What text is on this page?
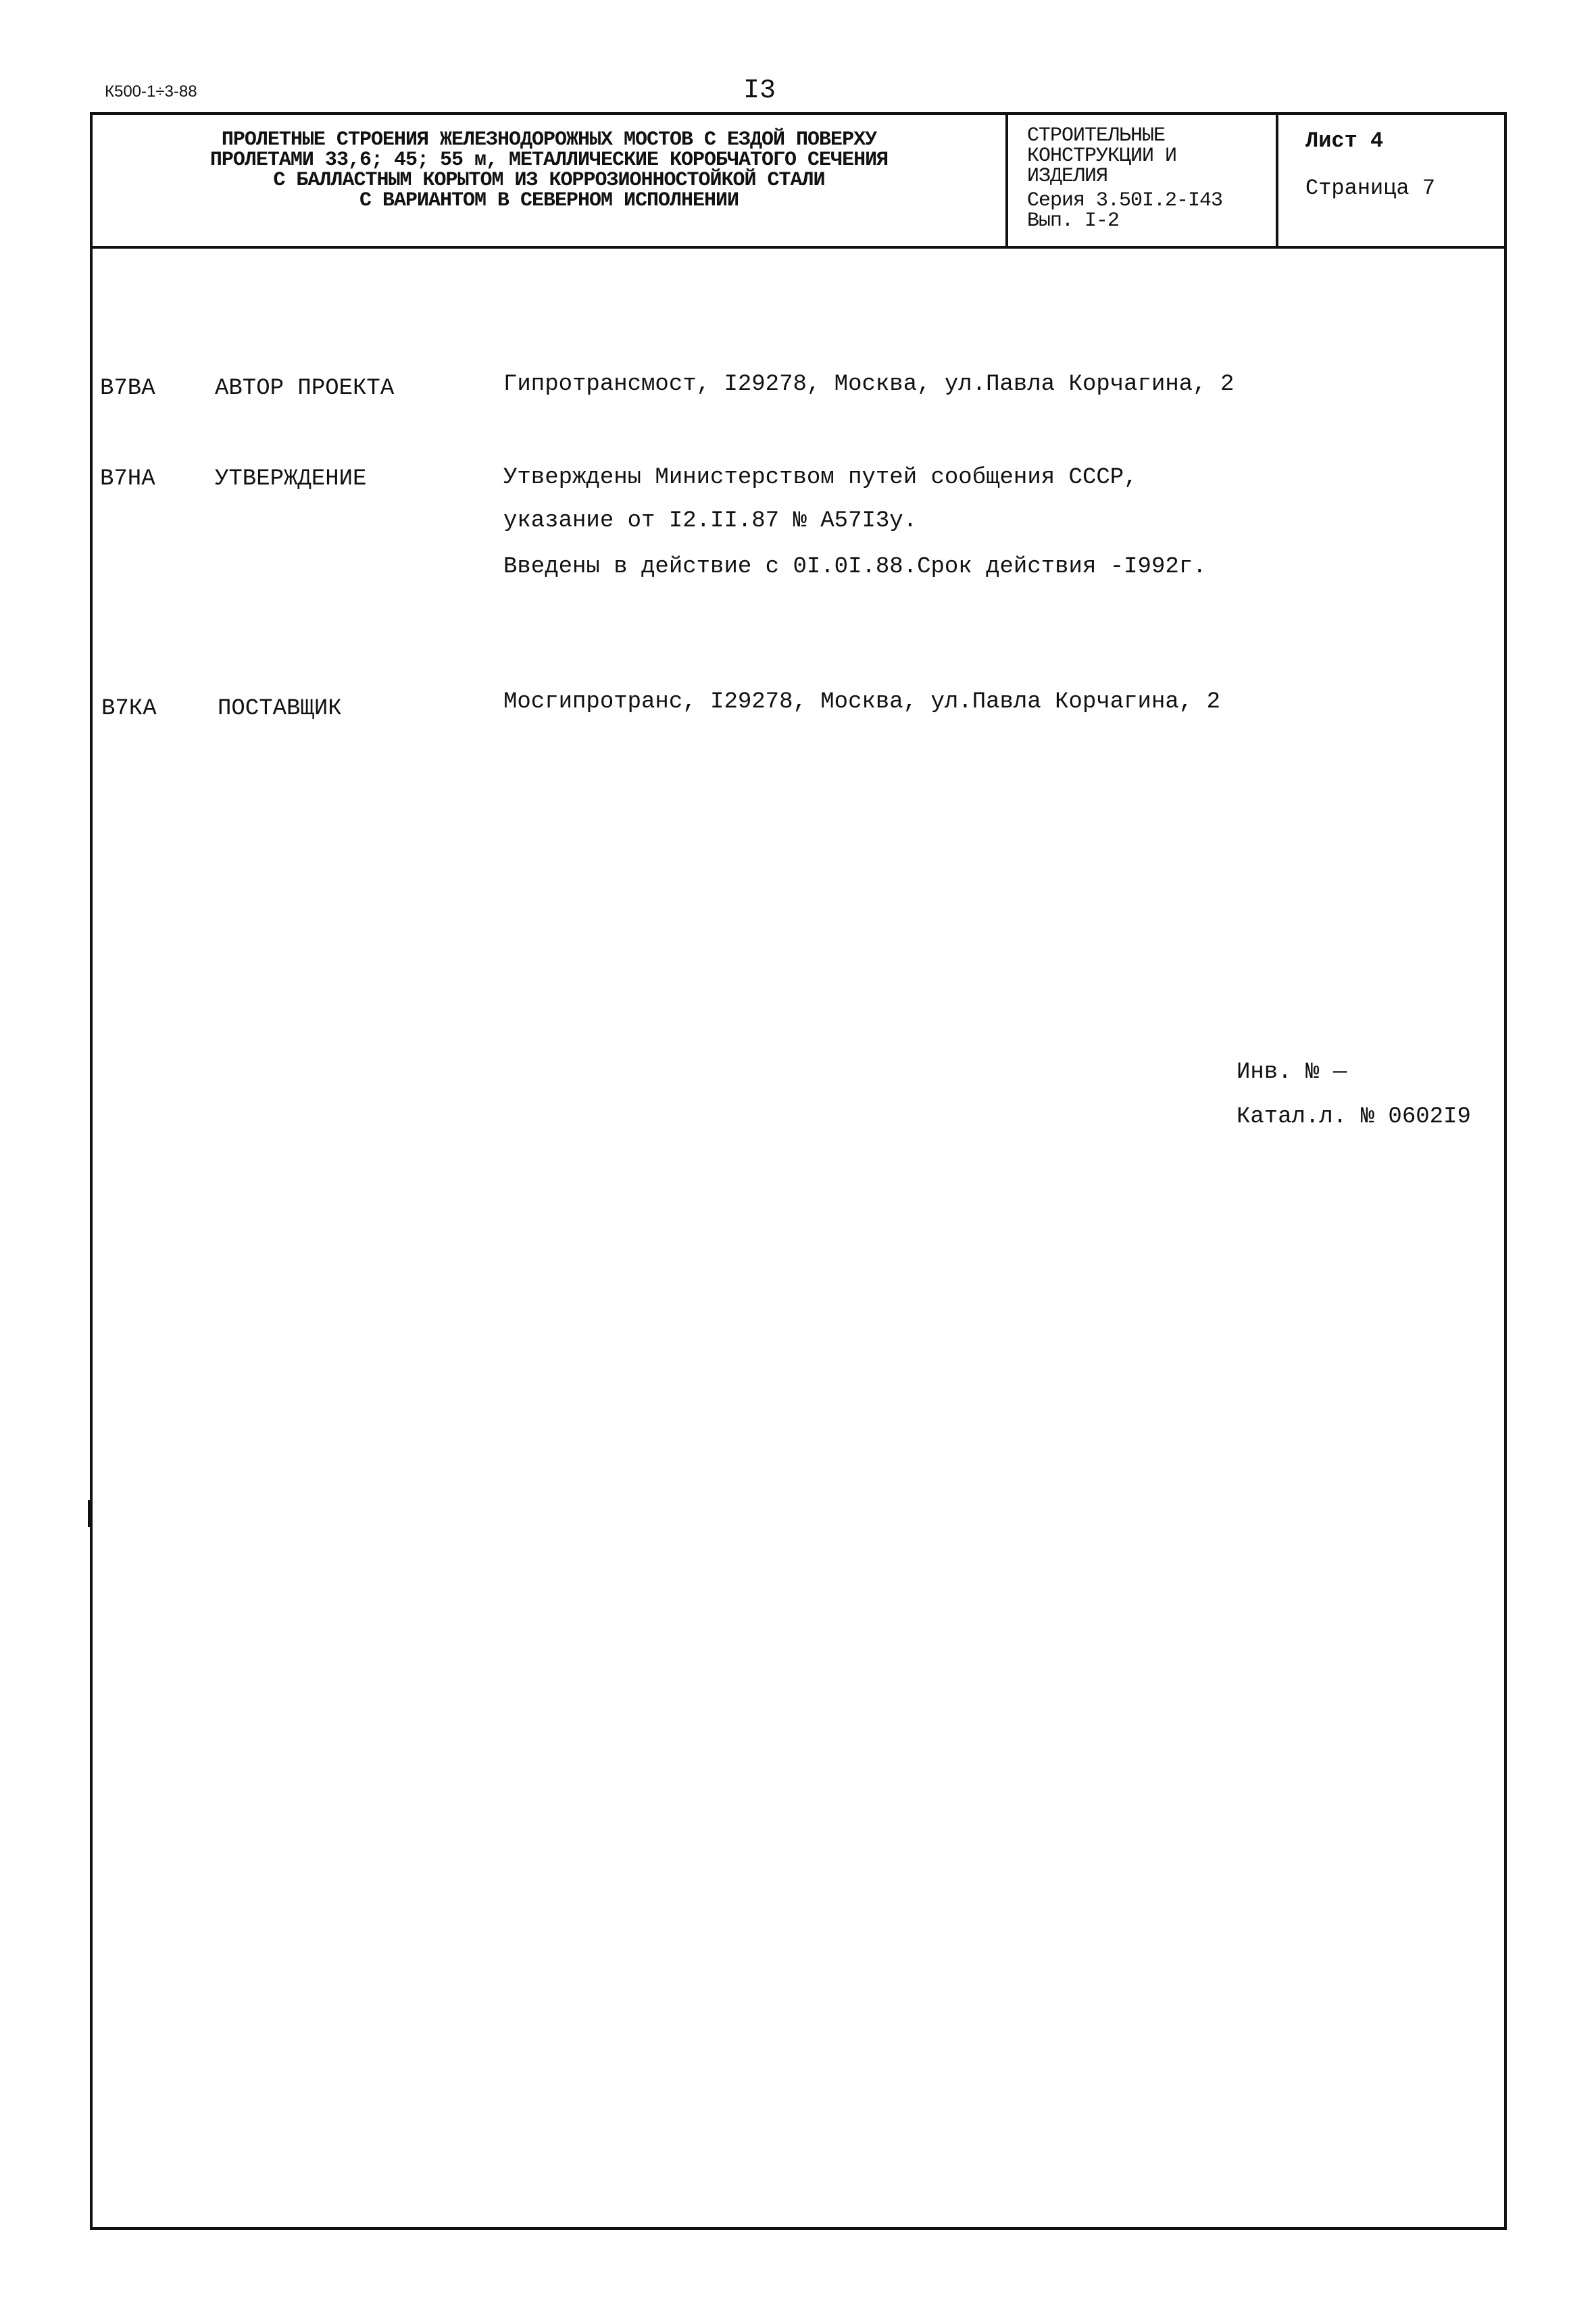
К500-1÷3-88	I3
ПРОЛЕТНЫЕ СТРОЕНИЯ ЖЕЛЕЗНОДОРОЖНЫХ МОСТОВ С ЕЗДОЙ ПОВЕРХУ
ПРОЛЕТАМИ 33,6; 45; 55 м, МЕТАЛЛИЧЕСКИЕ КОРОБЧАТОГО СЕЧЕНИЯ
С БАЛЛАСТНЫМ КОРЫТОМ ИЗ КОРРОЗИОННОСТОЙКОЙ СТАЛИ
С ВАРИАНТОМ В СЕВЕРНОМ ИСПОЛНЕНИИ
СТРОИТЕЛЬНЫЕ
КОНСТРУКЦИИ И
ИЗДЕЛИЯ
Серия 3.50I.2-I43
Вып. I-2
Лист 4
Страница 7
В7ВА	АВТОР ПРОЕКТА	Гипротрансмост, I29278, Москва, ул.Павла Корчагина, 2
В7НА	УТВЕРЖДЕНИЕ	Утверждены Министерством путей сообщения СССР,
указание от I2.II.87 № А57I3у.
Введены в действие с 0I.0I.88.Срок действия -I992г.
В7КА	ПОСТАВЩИК	Мосгипротранс, I29278, Москва, ул.Павла Корчагина, 2
Инв. № —
Катал.л. № 0602I9
